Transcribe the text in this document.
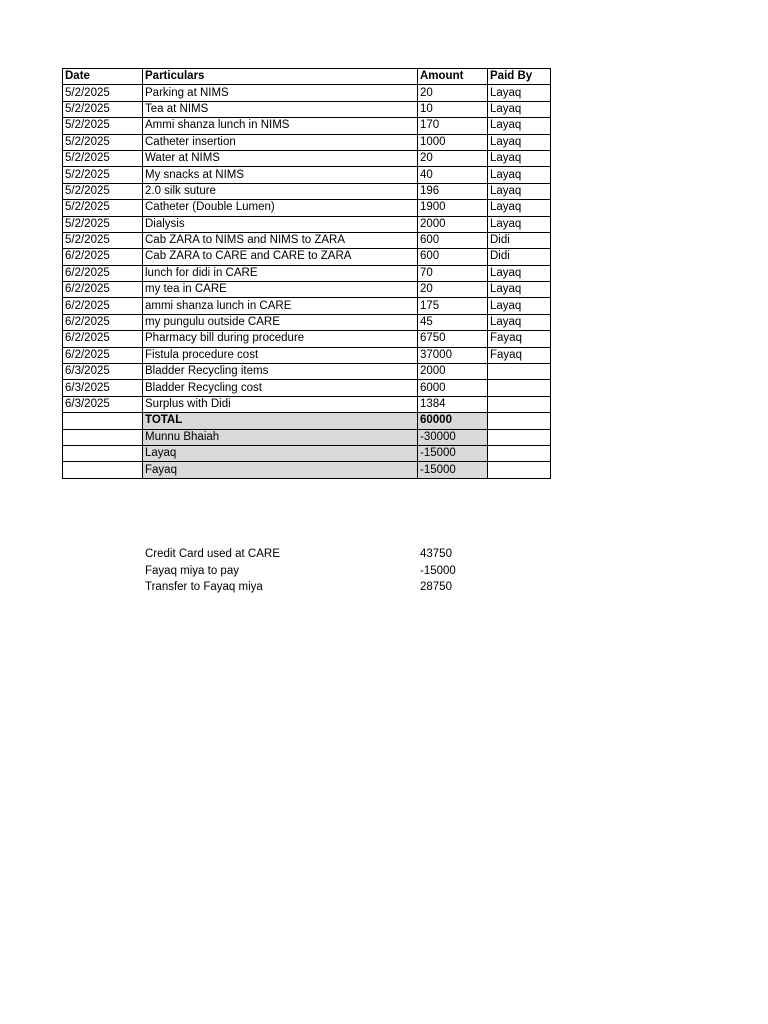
Date	Particulars	Amount	Paid By
5/2/2025	Parking at NIMS	20	Layaq
5/2/2025	Tea at NIMS	10	Layaq
5/2/2025	Ammi shanza lunch in NIMS	170	Layaq
5/2/2025	Catheter insertion	1000	Layaq
5/2/2025	Water at NIMS	20	Layaq
5/2/2025	My snacks at NIMS	40	Layaq
5/2/2025	2.0 silk suture	196	Layaq
5/2/2025	Catheter (Double Lumen)	1900	Layaq
5/2/2025	Dialysis	2000	Layaq
5/2/2025	Cab ZARA to NIMS and NIMS to ZARA	600	Didi
6/2/2025	Cab ZARA to CARE and CARE to ZARA	600	Didi
6/2/2025	lunch for didi in CARE	70	Layaq
6/2/2025	my tea in CARE	20	Layaq
6/2/2025	ammi shanza lunch in CARE	175	Layaq
6/2/2025	my pungulu outside CARE	45	Layaq
6/2/2025	Pharmacy bill during procedure	6750	Fayaq
6/2/2025	Fistula procedure cost	37000	Fayaq
6/3/2025	Bladder Recycling items	2000	
6/3/2025	Bladder Recycling cost	6000	
6/3/2025	Surplus with Didi	1384	
	TOTAL	60000	
	Munnu Bhaiah	-30000	
	Layaq	-15000	
	Fayaq	-15000	
Credit Card used at CARE	43750
Fayaq miya to pay	-15000
Transfer to Fayaq miya	28750
